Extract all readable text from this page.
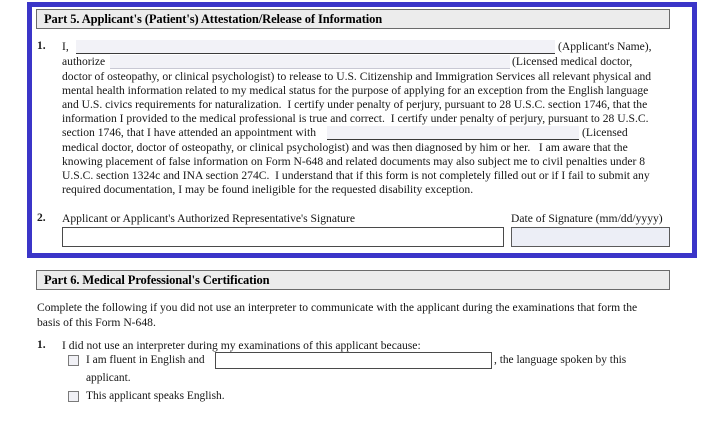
Part 5. Applicant's (Patient's) Attestation/Release of Information
1. I,	(Applicant's Name),
authorize	(Licensed medical doctor,
doctor of osteopathy, or clinical psychologist) to release to U.S. Citizenship and Immigration Services all relevant physical and
mental health information related to my medical status for the purpose of applying for an exception from the English language
and U.S. civics requirements for naturalization.  I certify under penalty of perjury, pursuant to 28 U.S.C. section 1746, that the
information I provided to the medical professional is true and correct.  I certify under penalty of perjury, pursuant to 28 U.S.C.
section 1746, that I have attended an appointment with	(Licensed
medical doctor, doctor of osteopathy, or clinical psychologist) and was then diagnosed by him or her.   I am aware that the
knowing placement of false information on Form N-648 and related documents may also subject me to civil penalties under 8
U.S.C. section 1324c and INA section 274C.  I understand that if this form is not completely filled out or if I fail to submit any
required documentation, I may be found ineligible for the requested disability exception.
2. Applicant or Applicant's Authorized Representative's Signature	Date of Signature (mm/dd/yyyy)
Part 6. Medical Professional's Certification
Complete the following if you did not use an interpreter to communicate with the applicant during the examinations that form the
basis of this Form N-648.
1. I did not use an interpreter during my examinations of this applicant because:
I am fluent in English and	, the language spoken by this
applicant.
This applicant speaks English.
